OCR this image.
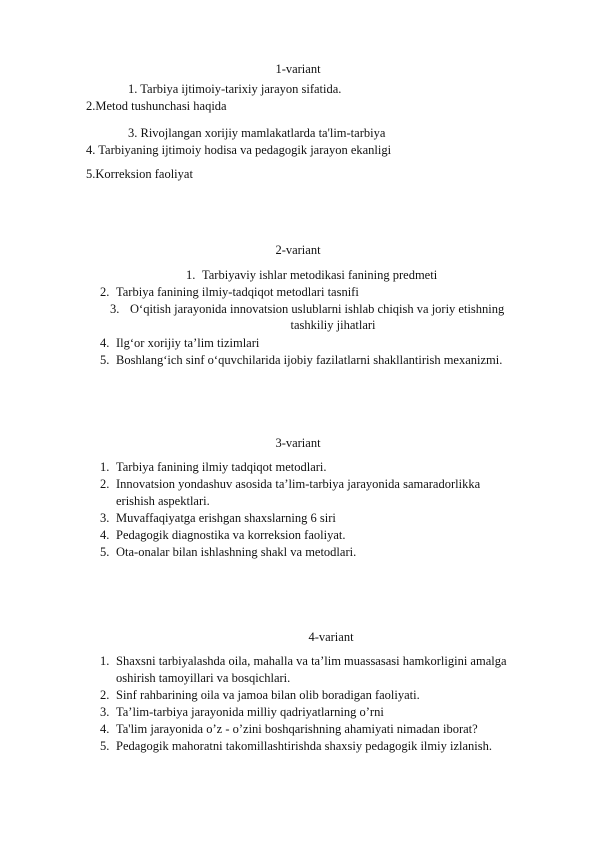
1-variant
1. Tarbiya ijtimoiy-tarixiy jarayon sifatida.
2.Metod tushunchasi haqida
3. Rivojlangan xorijiy mamlakatlarda ta'lim-tarbiya
4. Tarbiyaning ijtimoiy hodisa va pedagogik jarayon ekanligi
5.Korreksion faoliyat
2-variant
1. Tarbiyaviy ishlar metodikasi fanining predmeti
2. Tarbiya fanining ilmiy-tadqiqot metodlari tasnifi
3. O‘qitish jarayonida innovatsion uslublarni ishlab chiqish va joriy etishning
tashkiliy jihatlari
4. Ilg‘or xorijiy ta’lim tizimlari
5. Boshlang‘ich sinf o‘quvchilarida ijobiy fazilatlarni shakllantirish mexanizmi.
3-variant
1. Tarbiya fanining ilmiy tadqiqot metodlari.
2. Innovatsion yondashuv asosida ta’lim-tarbiya jarayonida samaradorlikka
erishish aspektlari.
3. Muvaffaqiyatga erishgan shaxslarning 6 siri
4. Pedagogik diagnostika va korreksion faoliyat.
5. Ota-onalar bilan ishlashning shakl va metodlari.
4-variant
1. Shaxsni tarbiyalashda oila, mahalla va ta’lim muassasasi hamkorligini amalga
oshirish tamoyillari va bosqichlari.
2. Sinf rahbarining oila va jamoa bilan olib boradigan faoliyati.
3. Ta’lim-tarbiya jarayonida milliy qadriyatlarning o’rni
4. Ta'lim jarayonida o’z - o’zini boshqarishning ahamiyati nimadan iborat?
5. Pedagogik mahoratni takomillashtirishda shaxsiy pedagogik ilmiy izlanish.
